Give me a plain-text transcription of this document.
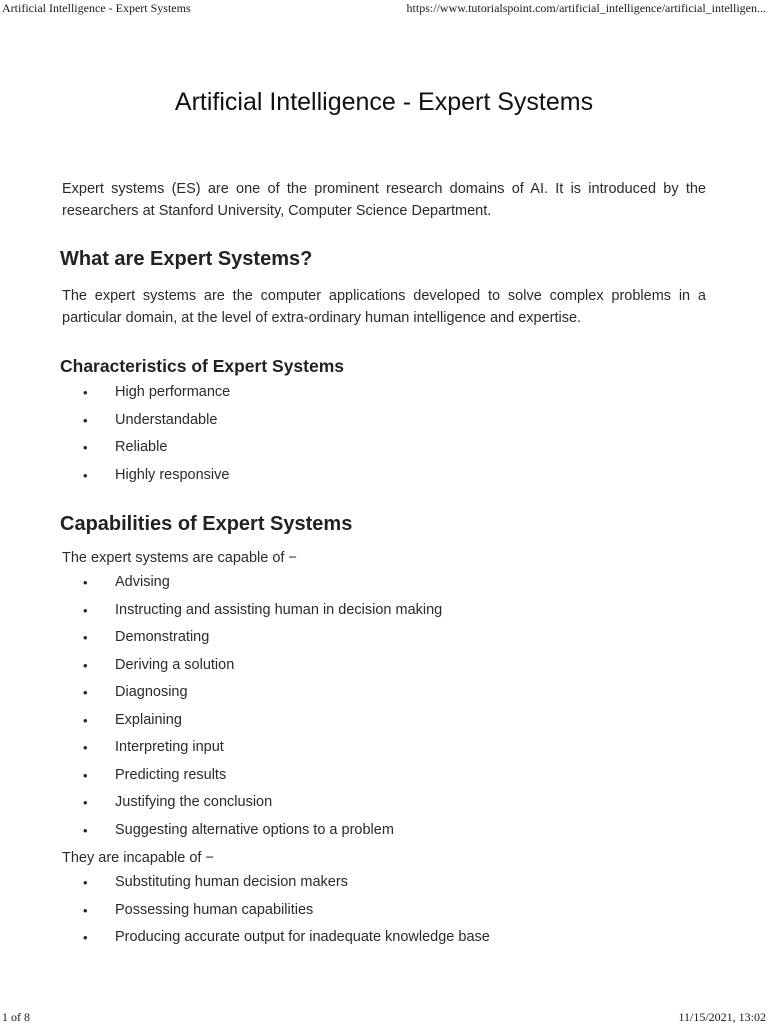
Artificial Intelligence - Expert Systems	https://www.tutorialspoint.com/artificial_intelligence/artificial_intelligen...
Artificial Intelligence - Expert Systems

Expert systems (ES) are one of the prominent research domains of AI. It is introduced by the researchers at Stanford University, Computer Science Department.

What are Expert Systems?

The expert systems are the computer applications developed to solve complex problems in a particular domain, at the level of extra-ordinary human intelligence and expertise.

Characteristics of Expert Systems
• High performance
• Understandable
• Reliable
• Highly responsive
Capabilities of Expert Systems

The expert systems are capable of −

• Advising
• Instructing and assisting human in decision making
• Demonstrating
• Deriving a solution
• Diagnosing
• Explaining
• Interpreting input
• Predicting results
• Justifying the conclusion
• Suggesting alternative options to a problem

They are incapable of −

• Substituting human decision makers
• Possessing human capabilities
• Producing accurate output for inadequate knowledge base
1 of 8	11/15/2021, 13:02
